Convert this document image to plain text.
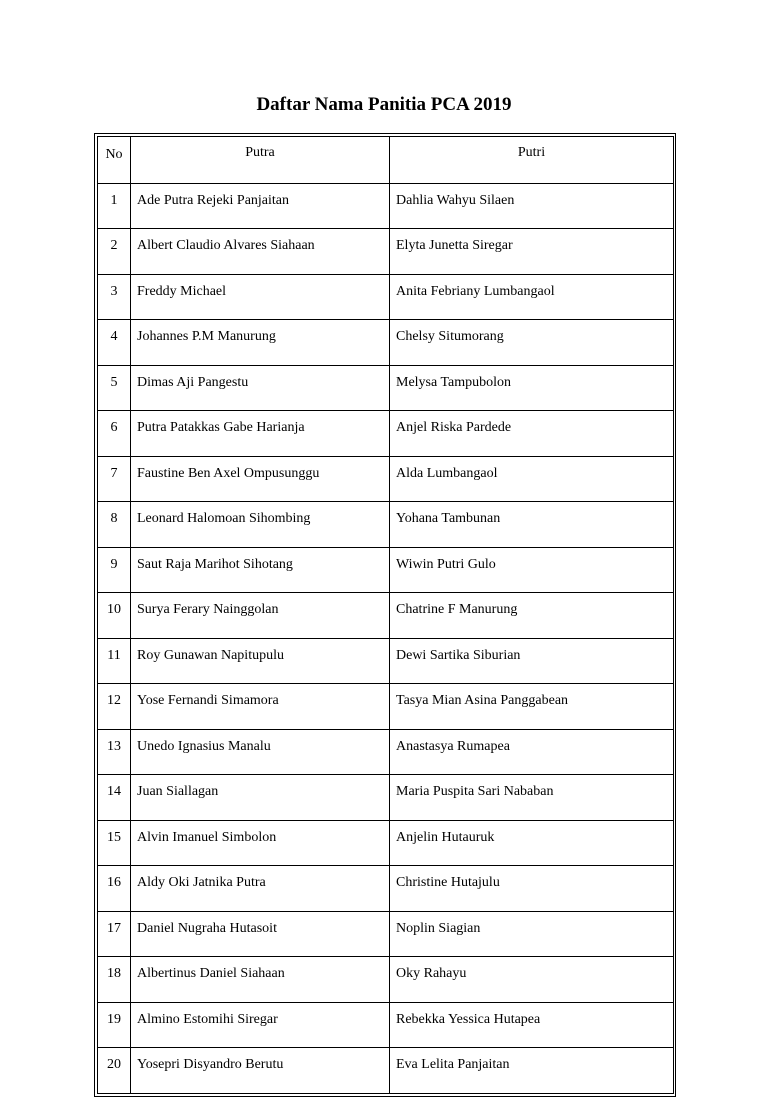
Daftar Nama Panitia PCA 2019
No	Putra	Putri
1	Ade Putra Rejeki Panjaitan	Dahlia Wahyu Silaen
2	Albert Claudio Alvares Siahaan	Elyta Junetta Siregar
3	Freddy Michael	Anita Febriany Lumbangaol
4	Johannes P.M Manurung	Chelsy Situmorang
5	Dimas Aji Pangestu	Melysa Tampubolon
6	Putra Patakkas Gabe Harianja	Anjel Riska Pardede
7	Faustine Ben Axel Ompusunggu	Alda Lumbangaol
8	Leonard Halomoan Sihombing	Yohana Tambunan
9	Saut Raja Marihot Sihotang	Wiwin Putri Gulo
10	Surya Ferary Nainggolan	Chatrine F Manurung
11	Roy Gunawan Napitupulu	Dewi Sartika Siburian
12	Yose Fernandi Simamora	Tasya Mian Asina Panggabean
13	Unedo Ignasius Manalu	Anastasya Rumapea
14	Juan Siallagan	Maria Puspita Sari Nababan
15	Alvin Imanuel Simbolon	Anjelin Hutauruk
16	Aldy Oki Jatnika Putra	Christine Hutajulu
17	Daniel Nugraha Hutasoit	Noplin Siagian
18	Albertinus Daniel Siahaan	Oky Rahayu
19	Almino Estomihi Siregar	Rebekka Yessica Hutapea
20	Yosepri Disyandro Berutu	Eva Lelita Panjaitan
